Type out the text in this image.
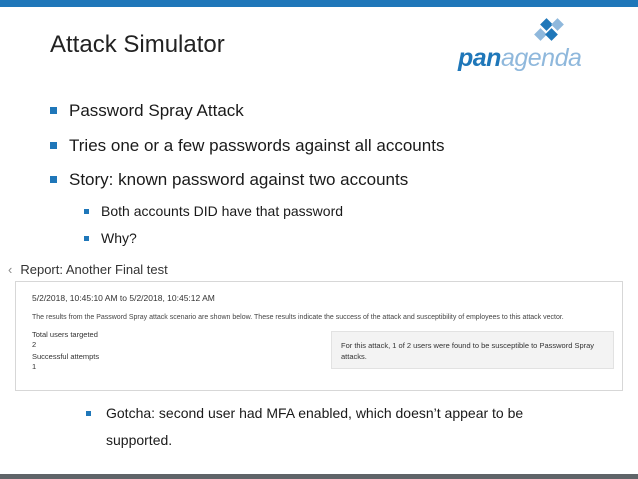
Attack Simulator	panagenda
Password Spray Attack
Tries one or a few passwords against all accounts
Story: known password against two accounts
Both accounts DID have that password
Why?
‹ Report: Another Final test
5/2/2018, 10:45:10 AM to 5/2/2018, 10:45:12 AM
The results from the Password Spray attack scenario are shown below. These results indicate the success of the attack and susceptibility of employees to this attack vector.
Total users targeted
2
Successful attempts
1
For this attack, 1 of 2 users were found to be susceptible to Password Spray attacks.
Gotcha: second user had MFA enabled, which doesn’t appear to be supported.
